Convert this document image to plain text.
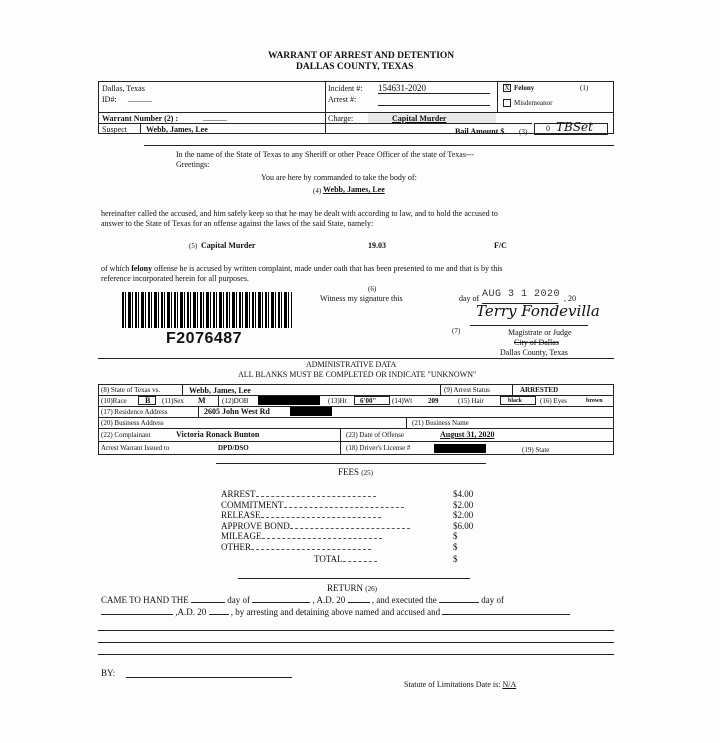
WARRANT OF ARREST AND DETENTION
DALLAS COUNTY, TEXAS
Dallas, Texas
ID#: ______
Incident #: 154631-2020
Arrest #:
X Felony	(1)
Misdemeanor
Warrant Number (2) :	______	Charge:	Capital Murder
Suspect Webb, James, Lee	Bail Amount $ (3) 0 TBSet
In the name of the State of Texas to any Sheriff or other Peace Officer of the state of Texas---
Greetings:
You are here by commanded to take the body of:
(4) Webb, James, Lee
hereinafter called the accused, and him safely keep so that he may be dealt with according to law, and to hold the accused to
answer to the State of Texas for an offense against the laws of the said State, namely:
(5) Capital Murder	19.03	F/C
of which felony offense he is accused by written complaint, made under oath that has been presented to me and that is by this
reference incorporated herein for all purposes.
(6)
Witness my signature this	day of AUG 3 1 2020 , 20
F2076487
Terry Fondevilla
(7)	Magistrate or Judge
City of Dallas
Dallas County, Texas
ADMINISTRATIVE DATA
ALL BLANKS MUST BE COMPLETED OR INDICATE "UNKNOWN"
(8) State of Texas vs.	Webb, James, Lee	(9) Arrest Status	ARRESTED
(10)Race B (11)Sex M (12)DOB	(13)Ht 6'00" (14)Wt 209	(15) Hair	black	(16) Eyes	brown
(17) Residence Address	2605 John West Rd
(20) Business Address	(21) Business Name
(22) Complainant	Victoria Ronack Bunton	(23) Date of Offense	August 31, 2020
Arrest Warrant Issued to	DPD/DSO	(18) Driver's License #	(19) State
FEES (25)
ARREST	$4.00
COMMITMENT	$2.00
RELEASE	$2.00
APPROVE BOND	$6.00
MILEAGE	$
OTHER	$
TOTAL	$
RETURN (26)
CAME TO HAND THE	day of	, A.D. 20	, and executed the	day of
,A.D. 20	, by arresting and detaining above named and accused and
BY:
Statute of Limitations Date is: N/A
